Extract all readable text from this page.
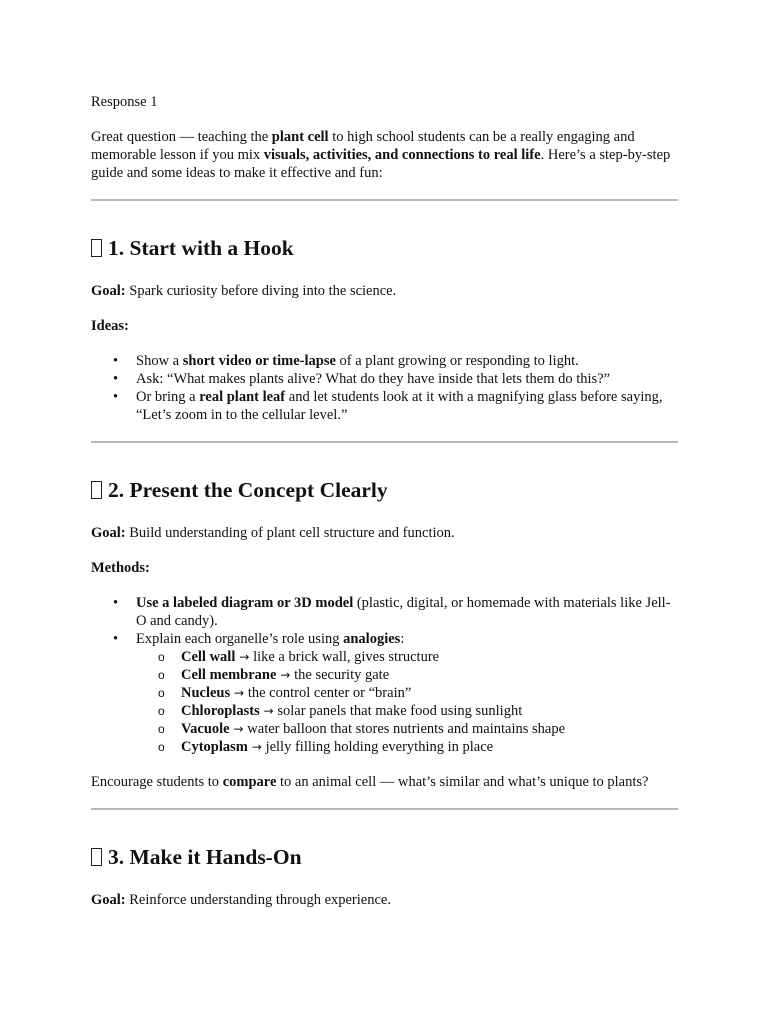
Response 1

Great question — teaching the plant cell to high school students can be a really engaging and memorable lesson if you mix visuals, activities, and connections to real life. Here’s a step-by-step guide and some ideas to make it effective and fun:

1. Start with a Hook

Goal: Spark curiosity before diving into the science.

Ideas:

• Show a short video or time-lapse of a plant growing or responding to light.
• Ask: “What makes plants alive? What do they have inside that lets them do this?”
• Or bring a real plant leaf and let students look at it with a magnifying glass before saying, “Let’s zoom in to the cellular level.”
2. Present the Concept Clearly

Goal: Build understanding of plant cell structure and function.

Methods:

• Use a labeled diagram or 3D model (plastic, digital, or homemade with materials like Jell-O and candy).
• Explain each organelle’s role using analogies:
o Cell wall → like a brick wall, gives structure
o Cell membrane → the security gate
o Nucleus → the control center or “brain”
o Chloroplasts → solar panels that make food using sunlight
o Vacuole → water balloon that stores nutrients and maintains shape
o Cytoplasm → jelly filling holding everything in place

Encourage students to compare to an animal cell — what’s similar and what’s unique to plants?

3. Make it Hands-On

Goal: Reinforce understanding through experience.
